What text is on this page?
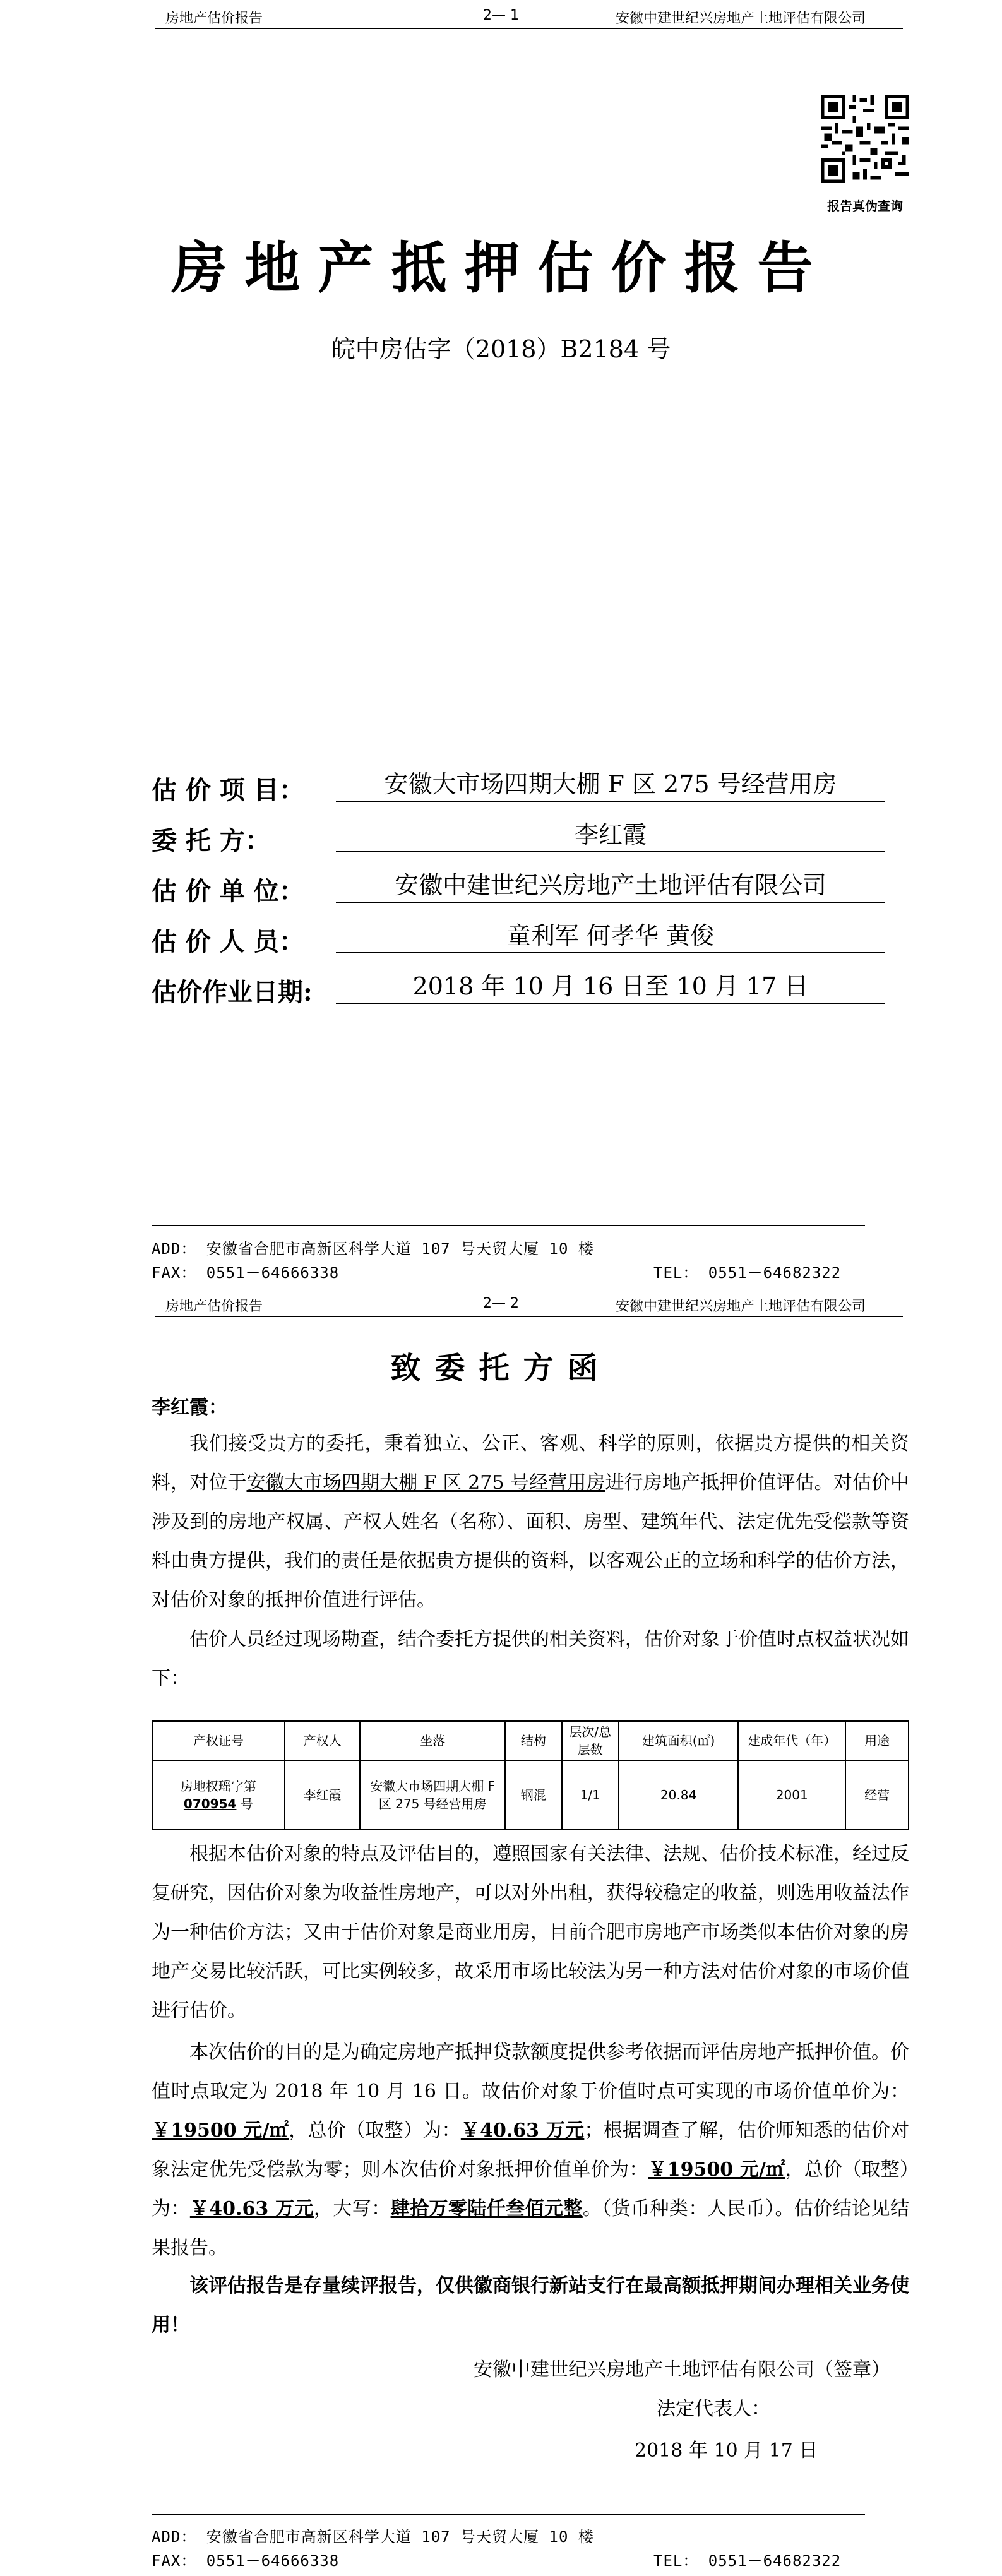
房地产估价报告	2— 1	安徽中建世纪兴房地产土地评估有限公司
报告真伪查询
房地产抵押估价报告
皖中房估字（2018）B2184 号
估 价 项 目：	安徽大市场四期大棚 F 区 275 号经营用房
委 托 方：	李红霞
估 价 单 位：	安徽中建世纪兴房地产土地评估有限公司
估 价 人 员：	童利军 何孝华 黄俊
估价作业日期:	2018 年 10 月 16 日至 10 月 17 日
ADD： 安徽省合肥市高新区科学大道 107 号天贸大厦 10 楼
FAX： 0551－64666338	TEL： 0551－64682322
房地产估价报告	2— 2	安徽中建世纪兴房地产土地评估有限公司
致委托方函
李红霞：
我们接受贵方的委托，秉着独立、公正、客观、科学的原则，依据贵方提供的相关资料，对位于安徽大市场四期大棚 F 区 275 号经营用房进行房地产抵押价值评估。对估价中涉及到的房地产权属、产权人姓名（名称）、面积、房型、建筑年代、法定优先受偿款等资料由贵方提供，我们的责任是依据贵方提供的资料，以客观公正的立场和科学的估价方法，对估价对象的抵押价值进行评估。
估价人员经过现场勘查，结合委托方提供的相关资料，估价对象于价值时点权益状况如下：
产权证号	产权人	坐落	结构	层次/总层数	建筑面积(㎡)	建成年代（年）	用途
房地权瑶字第
070954 号	李红霞	安徽大市场四期大棚 F 区 275 号经营用房	钢混	1/1	20.84	2001	经营
根据本估价对象的特点及评估目的，遵照国家有关法律、法规、估价技术标准，经过反复研究，因估价对象为收益性房地产，可以对外出租，获得较稳定的收益，则选用收益法作为一种估价方法；又由于估价对象是商业用房，目前合肥市房地产市场类似本估价对象的房地产交易比较活跃，可比实例较多，故采用市场比较法为另一种方法对估价对象的市场价值进行估价。
本次估价的目的是为确定房地产抵押贷款额度提供参考依据而评估房地产抵押价值。价值时点取定为 2018 年 10 月 16 日。故估价对象于价值时点可实现的市场价值单价为：￥19500 元/㎡，总价（取整）为：￥40.63 万元；根据调查了解，估价师知悉的估价对象法定优先受偿款为零；则本次估价对象抵押价值单价为：￥19500 元/㎡，总价（取整）为：￥40.63 万元，大写：肆拾万零陆仟叁佰元整。（货币种类：人民币）。估价结论见结果报告。
该评估报告是存量续评报告，仅供徽商银行新站支行在最高额抵押期间办理相关业务使用！
安徽中建世纪兴房地产土地评估有限公司（签章）
法定代表人：
2018 年 10 月 17 日
ADD： 安徽省合肥市高新区科学大道 107 号天贸大厦 10 楼
FAX： 0551－64666338	TEL： 0551－64682322
